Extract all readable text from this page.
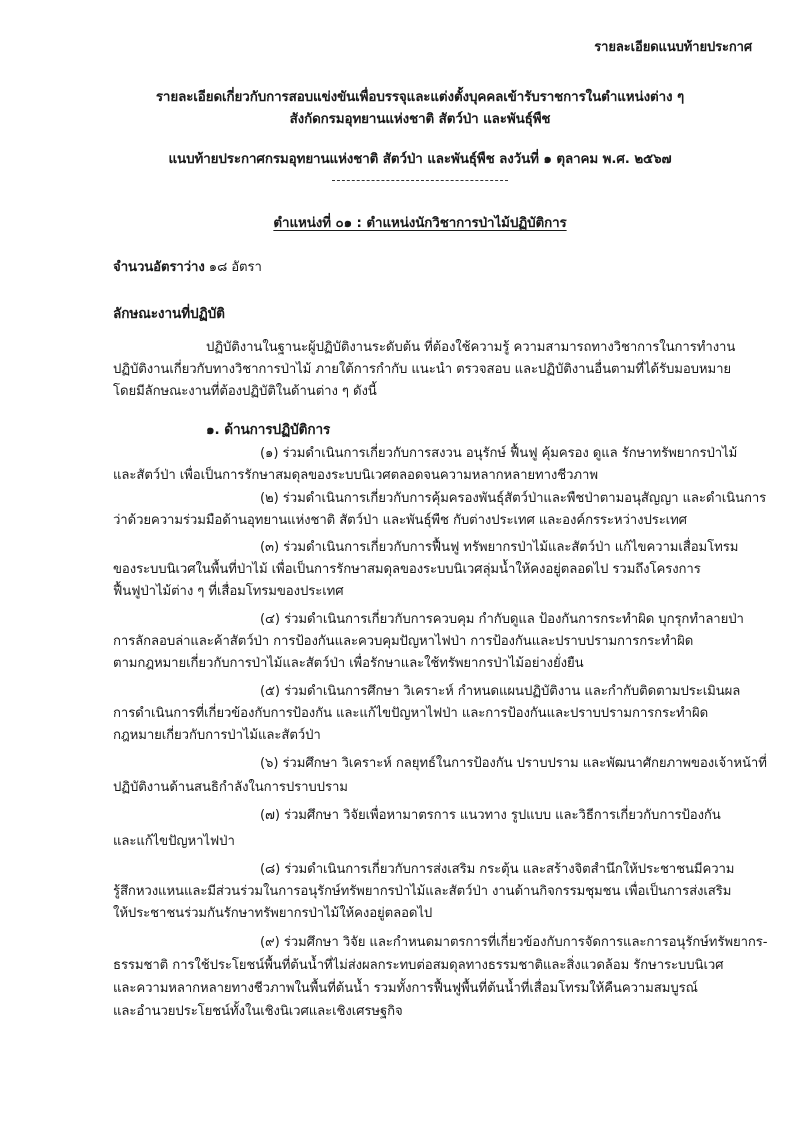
รายละเอียดแนบท้ายประกาศ
รายละเอียดเกี่ยวกับการสอบแข่งขันเพื่อบรรจุและแต่งตั้งบุคคลเข้ารับราชการในตำแหน่งต่าง ๆ
สังกัดกรมอุทยานแห่งชาติ สัตว์ป่า และพันธุ์พืช
แนบท้ายประกาศกรมอุทยานแห่งชาติ สัตว์ป่า และพันธุ์พืช ลงวันที่ ๑ ตุลาคม พ.ศ. ๒๕๖๗
ตำแหน่งที่ ๐๑ : ตำแหน่งนักวิชาการป่าไม้ปฏิบัติการ
จำนวนอัตราว่าง ๑๘ อัตรา
ลักษณะงานที่ปฏิบัติ
ปฏิบัติงานในฐานะผู้ปฏิบัติงานระดับต้น ที่ต้องใช้ความรู้ ความสามารถทางวิชาการในการทำงาน
ปฏิบัติงานเกี่ยวกับทางวิชาการป่าไม้ ภายใต้การกำกับ แนะนำ ตรวจสอบ และปฏิบัติงานอื่นตามที่ได้รับมอบหมาย
โดยมีลักษณะงานที่ต้องปฏิบัติในด้านต่าง ๆ ดังนี้
๑. ด้านการปฏิบัติการ
(๑) ร่วมดำเนินการเกี่ยวกับการสงวน อนุรักษ์ ฟื้นฟู คุ้มครอง ดูแล รักษาทรัพยากรป่าไม้
และสัตว์ป่า เพื่อเป็นการรักษาสมดุลของระบบนิเวศตลอดจนความหลากหลายทางชีวภาพ
(๒) ร่วมดำเนินการเกี่ยวกับการคุ้มครองพันธุ์สัตว์ป่าและพืชป่าตามอนุสัญญา และดำเนินการ
ว่าด้วยความร่วมมือด้านอุทยานแห่งชาติ สัตว์ป่า และพันธุ์พืช กับต่างประเทศ และองค์กรระหว่างประเทศ
(๓) ร่วมดำเนินการเกี่ยวกับการฟื้นฟู ทรัพยากรป่าไม้และสัตว์ป่า แก้ไขความเสื่อมโทรม
ของระบบนิเวศในพื้นที่ป่าไม้ เพื่อเป็นการรักษาสมดุลของระบบนิเวศลุ่มน้ำให้คงอยู่ตลอดไป รวมถึงโครงการ
ฟื้นฟูป่าไม้ต่าง ๆ ที่เสื่อมโทรมของประเทศ
(๔) ร่วมดำเนินการเกี่ยวกับการควบคุม กำกับดูแล ป้องกันการกระทำผิด บุกรุกทำลายป่า
การลักลอบล่าและค้าสัตว์ป่า การป้องกันและควบคุมปัญหาไฟป่า การป้องกันและปราบปรามการกระทำผิด
ตามกฎหมายเกี่ยวกับการป่าไม้และสัตว์ป่า เพื่อรักษาและใช้ทรัพยากรป่าไม้อย่างยั่งยืน
(๕) ร่วมดำเนินการศึกษา วิเคราะห์ กำหนดแผนปฏิบัติงาน และกำกับติดตามประเมินผล
การดำเนินการที่เกี่ยวข้องกับการป้องกัน และแก้ไขปัญหาไฟป่า และการป้องกันและปราบปรามการกระทำผิด
กฎหมายเกี่ยวกับการป่าไม้และสัตว์ป่า
(๖) ร่วมศึกษา วิเคราะห์ กลยุทธ์ในการป้องกัน ปราบปราม และพัฒนาศักยภาพของเจ้าหน้าที่
ปฏิบัติงานด้านสนธิกำลังในการปราบปราม
(๗) ร่วมศึกษา วิจัยเพื่อหามาตรการ แนวทาง รูปแบบ และวิธีการเกี่ยวกับการป้องกัน
และแก้ไขปัญหาไฟป่า
(๘) ร่วมดำเนินการเกี่ยวกับการส่งเสริม กระตุ้น และสร้างจิตสำนึกให้ประชาชนมีความ
รู้สึกหวงแหนและมีส่วนร่วมในการอนุรักษ์ทรัพยากรป่าไม้และสัตว์ป่า งานด้านกิจกรรมชุมชน เพื่อเป็นการส่งเสริม
ให้ประชาชนร่วมกันรักษาทรัพยากรป่าไม้ให้คงอยู่ตลอดไป
(๙) ร่วมศึกษา วิจัย และกำหนดมาตรการที่เกี่ยวข้องกับการจัดการและการอนุรักษ์ทรัพยากร-
ธรรมชาติ การใช้ประโยชน์พื้นที่ต้นน้ำที่ไม่ส่งผลกระทบต่อสมดุลทางธรรมชาติและสิ่งแวดล้อม รักษาระบบนิเวศ
และความหลากหลายทางชีวภาพในพื้นที่ต้นน้ำ รวมทั้งการฟื้นฟูพื้นที่ต้นน้ำที่เสื่อมโทรมให้คืนความสมบูรณ์
และอำนวยประโยชน์ทั้งในเชิงนิเวศและเชิงเศรษฐกิจ
